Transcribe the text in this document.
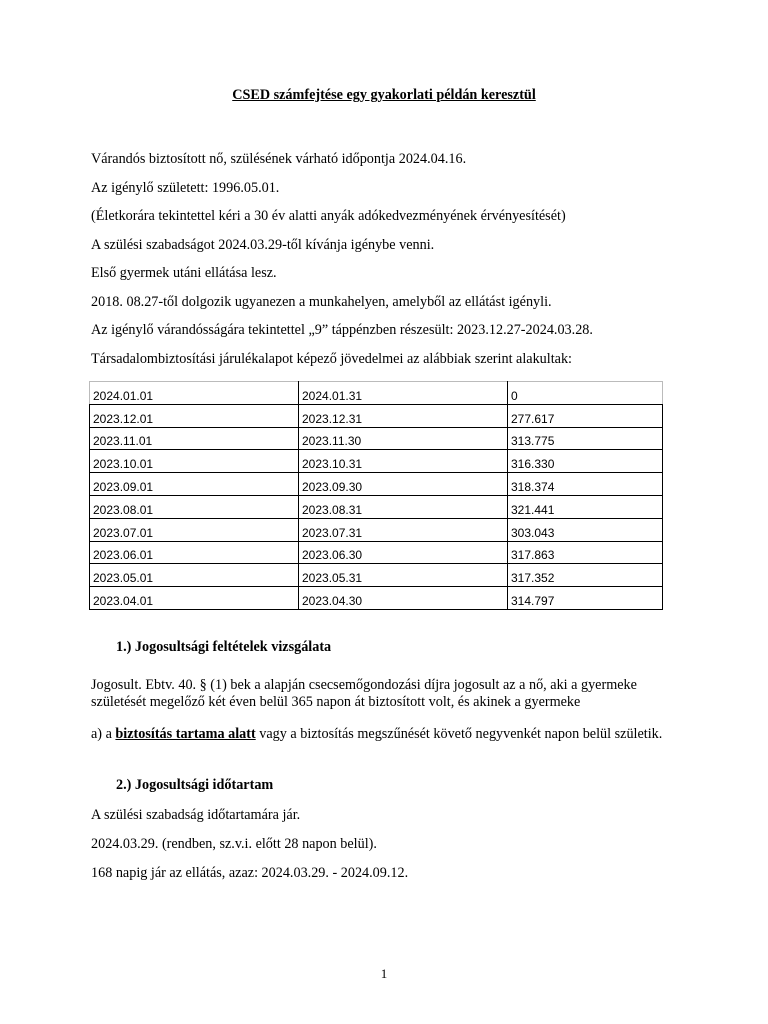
CSED számfejtése egy gyakorlati példán keresztül
Várandós biztosított nő, szülésének várható időpontja 2024.04.16.
Az igénylő született: 1996.05.01.
(Életkorára tekintettel kéri a 30 év alatti anyák adókedvezményének érvényesítését)
A szülési szabadságot 2024.03.29-től kívánja igénybe venni.
Első gyermek utáni ellátása lesz.
2018. 08.27-től dolgozik ugyanezen a munkahelyen, amelyből az ellátást igényli.
Az igénylő várandósságára tekintettel „9” táppénzben részesült: 2023.12.27-2024.03.28.
Társadalombiztosítási járulékalapot képező jövedelmei az alábbiak szerint alakultak:
2024.01.01	2024.01.31	0
2023.12.01	2023.12.31	277.617
2023.11.01	2023.11.30	313.775
2023.10.01	2023.10.31	316.330
2023.09.01	2023.09.30	318.374
2023.08.01	2023.08.31	321.441
2023.07.01	2023.07.31	303.043
2023.06.01	2023.06.30	317.863
2023.05.01	2023.05.31	317.352
2023.04.01	2023.04.30	314.797
1.) Jogosultsági feltételek vizsgálata
Jogosult. Ebtv. 40. § (1) bek a alapján csecsemőgondozási díjra jogosult az a nő, aki a gyermeke születését megelőző két éven belül 365 napon át biztosított volt, és akinek a gyermeke
a) a biztosítás tartama alatt vagy a biztosítás megszűnését követő negyvenkét napon belül születik.
2.) Jogosultsági időtartam
A szülési szabadság időtartamára jár.
2024.03.29. (rendben, sz.v.i. előtt 28 napon belül).
168 napig jár az ellátás, azaz: 2024.03.29. - 2024.09.12.
1
